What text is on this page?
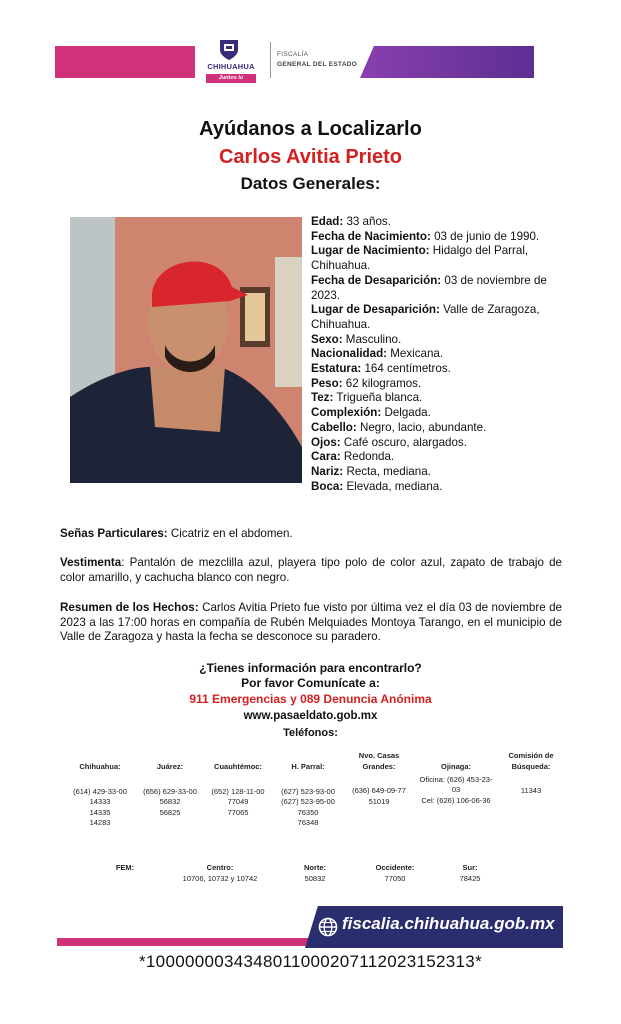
CHIHUAHUA
Juntos lo podemos
FISCALÍA
GENERAL DEL ESTADO
Ayúdanos a Localizarlo
Carlos Avitia Prieto
Datos Generales:
Edad: 33 años.
Fecha de Nacimiento: 03 de junio de 1990.
Lugar de Nacimiento: Hidalgo del Parral, Chihuahua.
Fecha de Desaparición: 03 de noviembre de 2023.
Lugar de Desaparición: Valle de Zaragoza, Chihuahua.
Sexo: Masculino.
Nacionalidad: Mexicana.
Estatura: 164 centímetros.
Peso: 62 kilogramos.
Tez: Trigueña blanca.
Complexión: Delgada.
Cabello: Negro, lacio, abundante.
Ojos: Café oscuro, alargados.
Cara: Redonda.
Nariz: Recta, mediana.
Boca: Elevada, mediana.
Señas Particulares: Cicatriz en el abdomen.
Vestimenta: Pantalón de mezclilla azul, playera tipo polo de color azul, zapato de trabajo de color amarillo, y cachucha blanco con negro.
Resumen de los Hechos: Carlos Avitia Prieto fue visto por última vez el día 03 de noviembre de 2023 a las 17:00 horas en compañía de Rubén Melquiades Montoya Tarango, en el municipio de Valle de Zaragoza y hasta la fecha se desconoce su paradero.
¿Tienes información para encontrarlo?
Por favor Comunícate a:
911 Emergencias y 089 Denuncia Anónima
www.pasaeldato.gob.mx
Teléfonos:
Chihuahua:
(614) 429-33-00
14333
14335
14283
Juárez:
(656) 629-33-00
56832
56825
Cuauhtémoc:
(652) 128-11-00
77049
77065
H. Parral:
(627) 523-93-00
(627) 523-95-00
76350
76348
Nvo. Casas Grandes:
(636) 649-09-77
51019
Ojinaga:
Oficina: (626) 453-23-03
Cel: (626) 106-06-36
Comisión de Búsqueda:
11343
FEM:	Centro:
10706, 10732 y 10742
Norte:
50832
Occidente:
77050
Sur:
78425
fiscalia.chihuahua.gob.mx
*1000000034348011000207112023152313*
